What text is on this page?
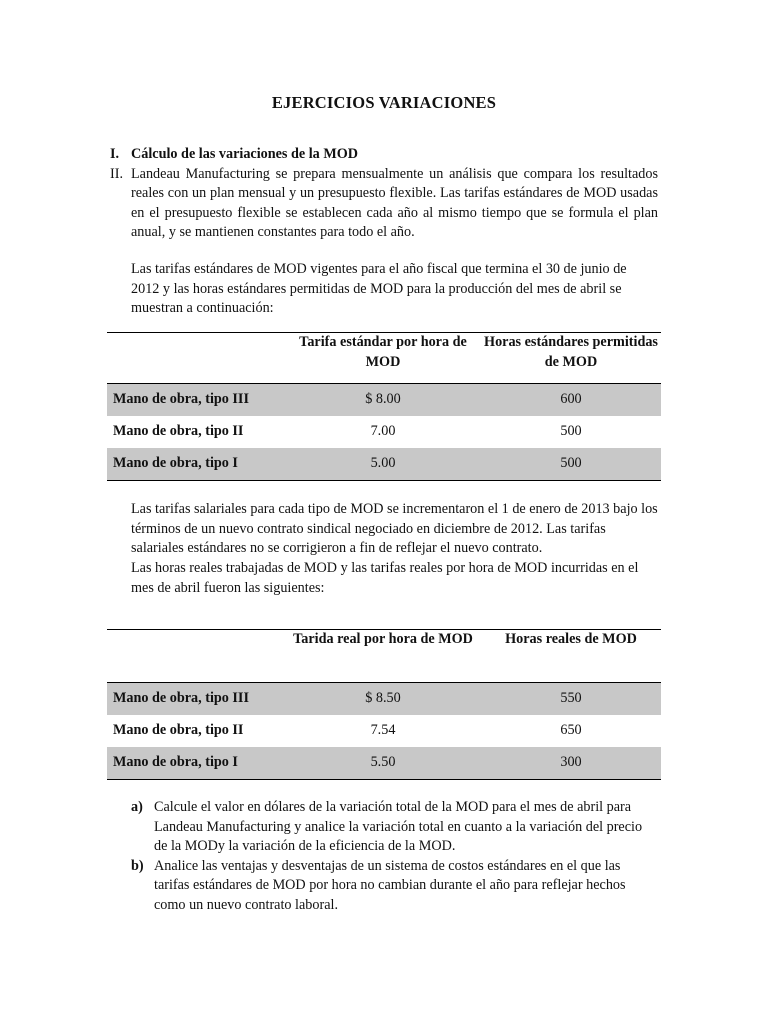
EJERCICIOS VARIACIONES
I. Cálculo de las variaciones de la MOD
II. Landeau Manufacturing se prepara mensualmente un análisis que compara los resultados reales con un plan mensual y un presupuesto flexible. Las tarifas estándares de MOD usadas en el presupuesto flexible se establecen cada año al mismo tiempo que se formula el plan anual, y se mantienen constantes para todo el año.
Las tarifas estándares de MOD vigentes para el año fiscal que termina el 30 de junio de 2012 y las horas estándares permitidas de MOD para la producción del mes de abril se muestran a continuación:
	Tarifa estándar por hora de MOD	Horas estándares permitidas de MOD
Mano de obra, tipo III	$ 8.00	600
Mano de obra, tipo II	7.00	500
Mano de obra, tipo I	5.00	500
Las tarifas salariales para cada tipo de MOD se incrementaron el 1 de enero de 2013 bajo los términos de un nuevo contrato sindical negociado en diciembre de 2012. Las tarifas salariales estándares no se corrigieron a fin de reflejar el nuevo contrato.
Las horas reales trabajadas de MOD y las tarifas reales por hora de MOD incurridas en el mes de abril fueron las siguientes:
	Tarida real por hora de MOD	Horas reales de MOD
Mano de obra, tipo III	$ 8.50	550
Mano de obra, tipo II	7.54	650
Mano de obra, tipo I	5.50	300
a) Calcule el valor en dólares de la variación total de la MOD para el mes de abril para Landeau Manufacturing y analice la variación total en cuanto a la variación del precio de la MODy la variación de la eficiencia de la MOD.
b) Analice las ventajas y desventajas de un sistema de costos estándares en el que las tarifas estándares de MOD por hora no cambian durante el año para reflejar hechos como un nuevo contrato laboral.
